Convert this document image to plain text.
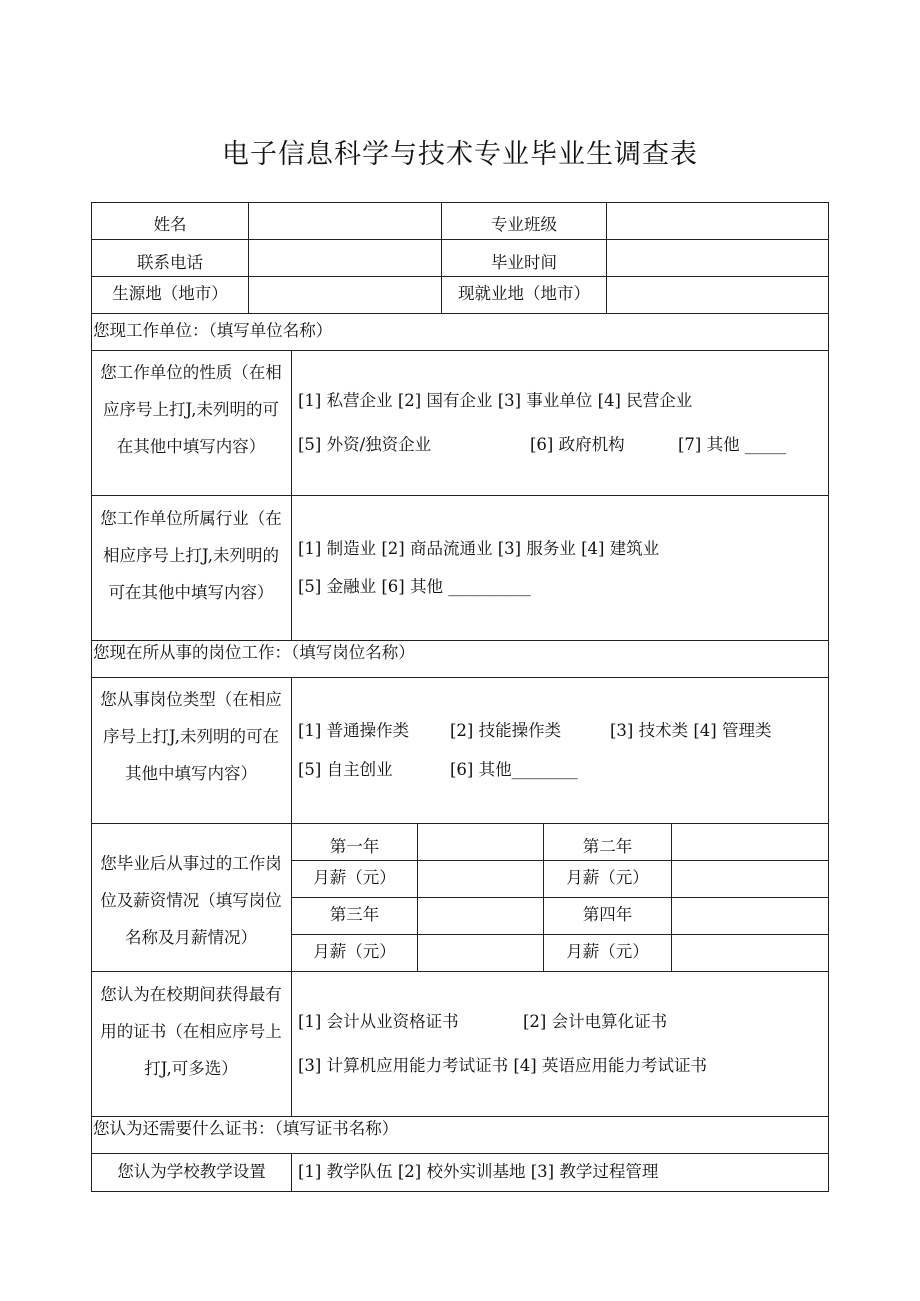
电子信息科学与技术专业毕业生调查表
姓名	专业班级
联系电话	毕业时间
生源地（地市）	现就业地（地市）
您现工作单位：（填写单位名称）
您工作单位的性质（在相应序号上打J,未列明的可在其他中填写内容）
[1] 私营企业 [2] 国有企业 [3] 事业单位 [4] 民营企业
[5] 外资/独资企业	[6] 政府机构	[7] 其他 _____
您工作单位所属行业（在相应序号上打J,未列明的可在其他中填写内容）
[1] 制造业 [2] 商品流通业 [3] 服务业 [4] 建筑业
[5] 金融业 [6] 其他 __________
您现在所从事的岗位工作：（填写岗位名称）
您从事岗位类型（在相应序号上打J,未列明的可在其他中填写内容）
[1] 普通操作类 [2] 技能操作类	[3] 技术类 [4] 管理类
[5] 自主创业	[6] 其他________
您毕业后从事过的工作岗位及薪资情况（填写岗位名称及月薪情况）
第一年	第二年
月薪（元）	月薪（元）
第三年	第四年
月薪（元）	月薪（元）
您认为在校期间获得最有用的证书（在相应序号上打J,可多选）
[1] 会计从业资格证书	[2] 会计电算化证书
[3] 计算机应用能力考试证书 [4] 英语应用能力考试证书
您认为还需要什么证书：（填写证书名称）
您认为学校教学设置	[1] 教学队伍 [2] 校外实训基地 [3] 教学过程管理
